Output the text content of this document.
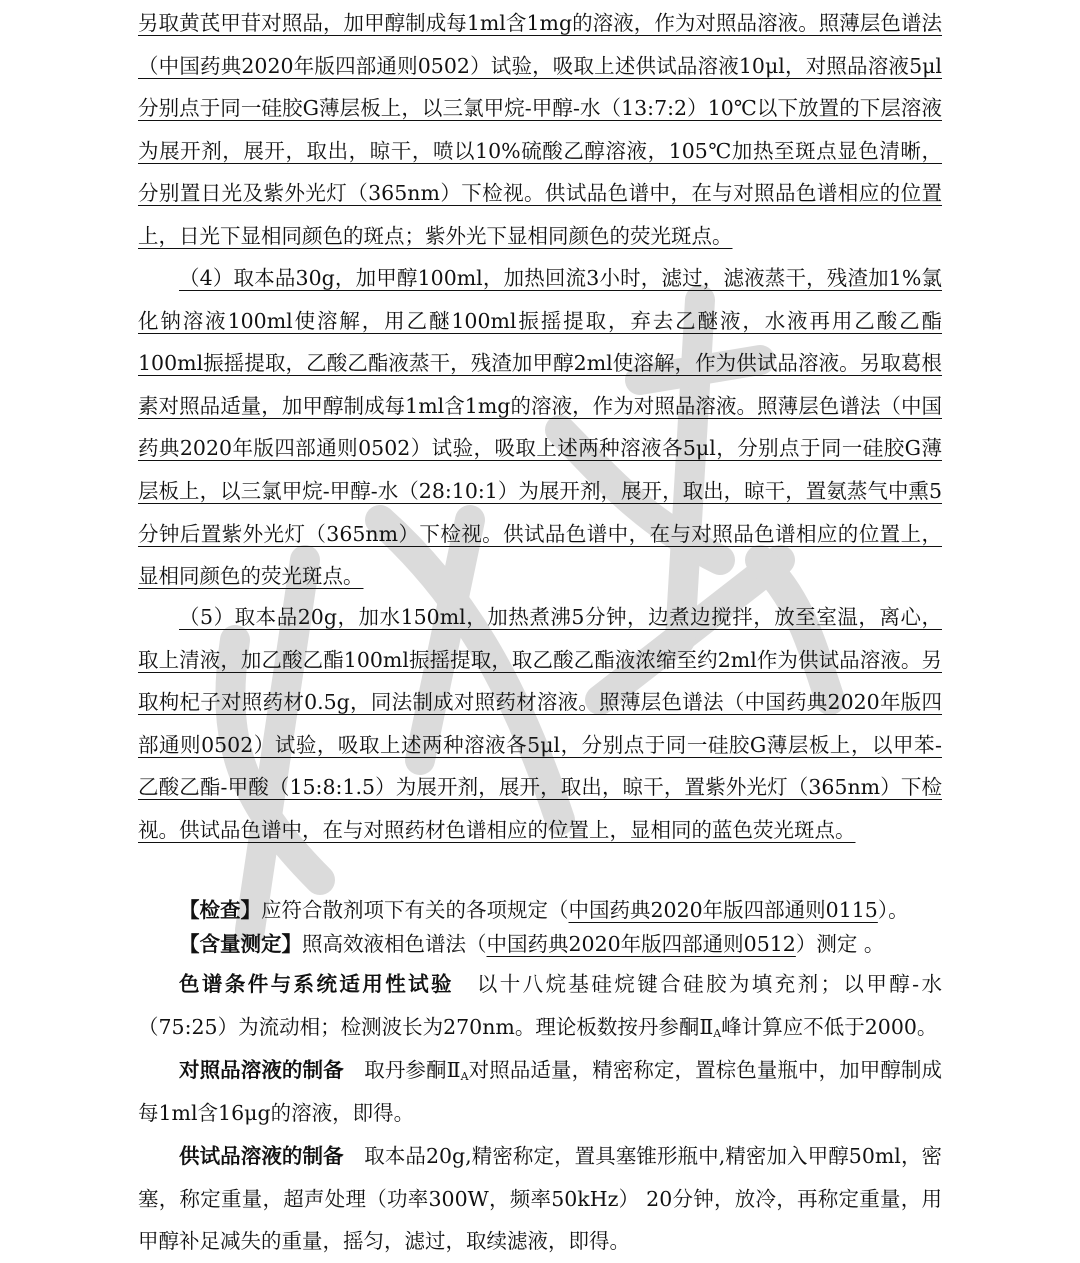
另取黄芪甲苷对照品，加甲醇制成每1ml含1mg的溶液，作为对照品溶液。照薄层色谱法（中国药典2020年版四部通则0502）试验，吸取上述供试品溶液10μl，对照品溶液5μl分别点于同一硅胶G薄层板上，以三氯甲烷-甲醇-水（13:7:2）10℃以下放置的下层溶液为展开剂，展开，取出，晾干，喷以10%硫酸乙醇溶液，105℃加热至斑点显色清晰，分别置日光及紫外光灯（365nm）下检视。供试品色谱中，在与对照品色谱相应的位置上，日光下显相同颜色的斑点；紫外光下显相同颜色的荧光斑点。

（4）取本品30g，加甲醇100ml，加热回流3小时，滤过，滤液蒸干，残渣加1%氯化钠溶液100ml使溶解，用乙醚100ml振摇提取，弃去乙醚液，水液再用乙酸乙酯100ml振摇提取，乙酸乙酯液蒸干，残渣加甲醇2ml使溶解，作为供试品溶液。另取葛根素对照品适量，加甲醇制成每1ml含1mg的溶液，作为对照品溶液。照薄层色谱法（中国药典2020年版四部通则0502）试验，吸取上述两种溶液各5μl，分别点于同一硅胶G薄层板上，以三氯甲烷-甲醇-水（28:10:1）为展开剂，展开，取出，晾干，置氨蒸气中熏5分钟后置紫外光灯（365nm）下检视。供试品色谱中，在与对照品色谱相应的位置上，显相同颜色的荧光斑点。

（5）取本品20g，加水150ml，加热煮沸5分钟，边煮边搅拌，放至室温，离心，取上清液，加乙酸乙酯100ml振摇提取，取乙酸乙酯液浓缩至约2ml作为供试品溶液。另取枸杞子对照药材0.5g，同法制成对照药材溶液。照薄层色谱法（中国药典2020年版四部通则0502）试验，吸取上述两种溶液各5μl，分别点于同一硅胶G薄层板上，以甲苯-乙酸乙酯-甲酸（15:8:1.5）为展开剂，展开，取出，晾干，置紫外光灯（365nm）下检视。供试品色谱中，在与对照药材色谱相应的位置上，显相同的蓝色荧光斑点。

【检查】应符合散剂项下有关的各项规定（中国药典2020年版四部通则0115）。

【含量测定】照高效液相色谱法（中国药典2020年版四部通则0512）测定 。

色谱条件与系统适用性试验　 以十八烷基硅烷键合硅胶为填充剂；以甲醇-水（75:25）为流动相；检测波长为270nm。理论板数按丹参酮$Ⅱ_A$峰计算应不低于2000。

对照品溶液的制备　 取丹参酮$Ⅱ_A$对照品适量，精密称定，置棕色量瓶中，加甲醇制成每1ml含16μg的溶液，即得。

供试品溶液的制备　 取本品20g,精密称定，置具塞锥形瓶中,精密加入甲醇50ml，密塞，称定重量，超声处理（功率300W，频率50kHz） 20分钟，放冷，再称定重量，用甲醇补足减失的重量，摇匀，滤过，取续滤液，即得。
